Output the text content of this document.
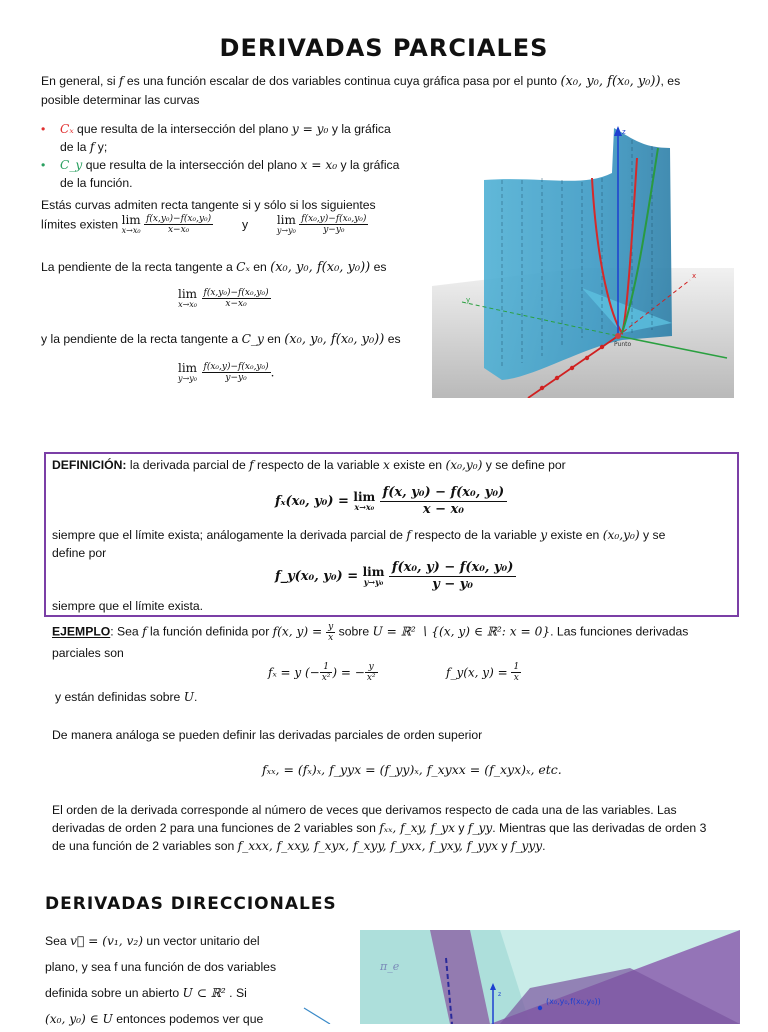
DERIVADAS PARCIALES
En general, si f es una función escalar de dos variables continua cuya gráfica pasa por el punto (x₀, y₀, f(x₀, y₀)), es
posible determinar las curvas
• Cₓ que resulta de la intersección del plano y = y₀ y la gráfica
de la f y;
• C_y que resulta de la intersección del plano x = x₀ y la gráfica
de la función.
Estás curvas admiten recta tangente si y sólo si los siguientes
límites existen lim
x→x₀
$\frac{\text{f(x,y₀)−f(x₀,y₀)}}{\text{x−x₀}}$ y lim
y→y₀
$\frac{\text{f(x₀,y)−f(x₀,y₀)}}{\text{y−y₀}}$
La pendiente de la recta tangente a Cₓ en (x₀, y₀, f(x₀, y₀)) es
lim
x→x₀
$\frac{\text{f(x,y₀)−f(x₀,y₀)}}{\text{x−x₀}}$
y la pendiente de la recta tangente a C_y en (x₀, y₀, f(x₀, y₀)) es
lim
y→y₀
$\frac{\text{f(x₀,y)−f(x₀,y₀)}}{\text{y−y₀}}$ .
y
x
z
Punto
DEFINICIÓN: la derivada parcial de f respecto de la variable x existe en (x₀,y₀) y se define por
fₓ(x₀, y₀) = lim
x→x₀
$\frac{\text{f(x, y₀) − f(x₀, y₀)}}{\text{x − x₀}}$
siempre que el límite exista; análogamente la derivada parcial de f respecto de la variable y existe en (x₀,y₀) y se
define por
f_y(x₀, y₀) = lim
y→y₀
$\frac{\text{f(x₀, y) − f(x₀, y₀)}}{\text{y − y₀}}$
siempre que el límite exista.
EJEMPLO: Sea f la función definida por f(x, $y) = \frac{y}{x}$ sobre U = ℝ² ∖ {(x, y) ∈ ℝ²: x = 0}. Las funciones derivadas
parciales son
fₓ = y (− $\frac{1}{\text{x²}}$ ) = − $\frac{y}{\text{x²}}$	f_y(x, $y) = \frac{1}{x}$
y están definidas sobre U.
De manera análoga se pueden definir las derivadas parciales de orden superior
fₓₓ, = (fₓ)ₓ, f_yyx = (f_yy)ₓ, f_xyxx = (f_xyx)ₓ, etc.
El orden de la derivada corresponde al número de veces que derivamos respecto de cada una de las variables. Las
derivadas de orden 2 para una funciones de 2 variables son fₓₓ, f_xy, f_yx y f_yy. Mientras que las derivadas de orden 3
de una función de 2 variables son f_xxx, f_xxy, f_xyx, f_xyy, f_yxx, f_yxy, f_yyx y f_yyy.
DERIVADAS DIRECCIONALES
Sea v⃗ = (v₁, v₂) un vector unitario del
plano, y sea f una función de dos variables
definida sobre un abierto U ⊂ ℝ² . Si
(x₀, y₀) ∈ U entonces podemos ver que
z
π_e
(x₀,y₀,f(x₀,y₀))
